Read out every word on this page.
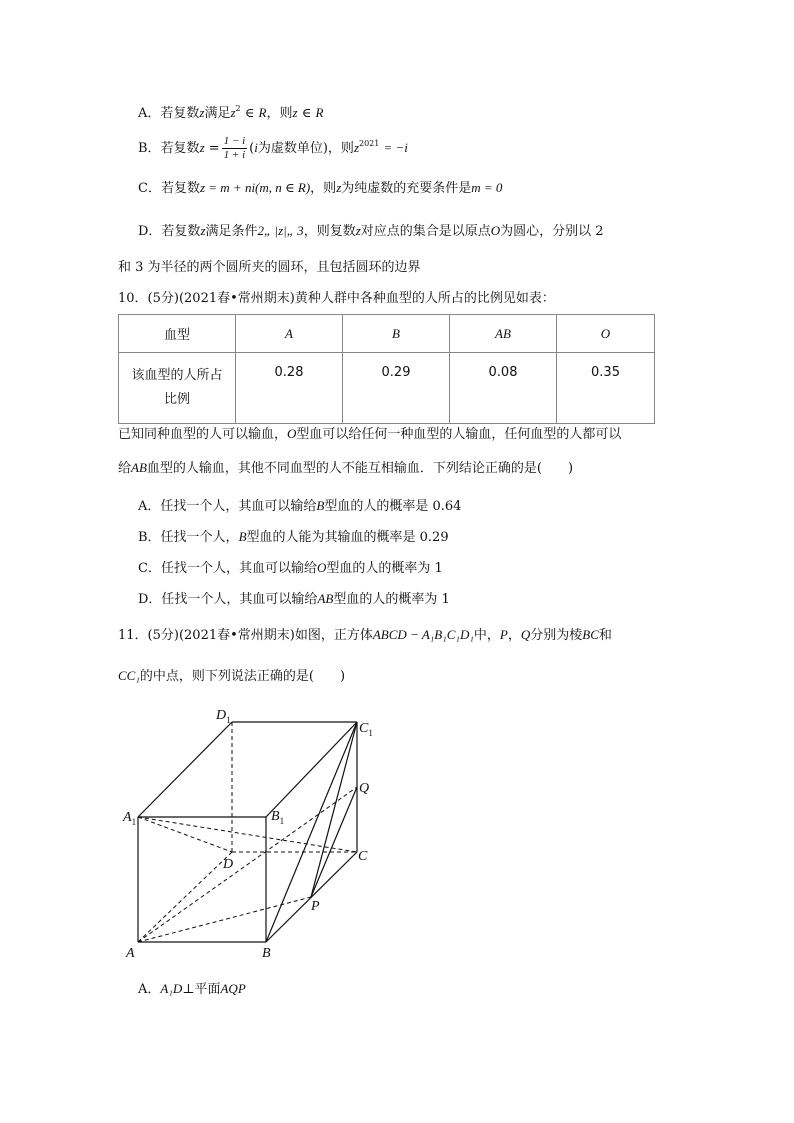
A．若复数z满足$z^2$ ∈ R，则z ∈ R
B．若复数$z = \frac{1 - i}{1 + i} (i$为虚数单位)，则$z^{2021} = -i$
C．若复数z = m + ni(m, n ∈ R)，则z为纯虚数的充要条件是m = 0
D．若复数z满足条件2„ |z|„ 3，则复数z对应点的集合是以原点O为圆心，分别以 2
和 3 为半径的两个圆所夹的圆环，且包括圆环的边界
10．(5分)(2021春•常州期末)黄种人群中各种血型的人所占的比例见如表：
血型	A	B	AB	O
该血型的人所占
比例	0.28	0.29	0.08	0.35
已知同种血型的人可以输血，O型血可以给任何一种血型的人输血，任何血型的人都可以
给AB血型的人输血，其他不同血型的人不能互相输血．下列结论正确的是(　　)
A．任找一个人，其血可以输给B型血的人的概率是 0.64
B．任找一个人，B型血的人能为其输血的概率是 0.29
C．任找一个人，其血可以输给O型血的人的概率为 1
D．任找一个人，其血可以输给AB型血的人的概率为 1
11．(5分)(2021春•常州期末)如图，正方体ABCD − A₁B₁C₁D₁中，P，Q分别为棱BC和
CC₁的中点，则下列说法正确的是(　　)
$D_1$
$C_1$
$A_1$	$B_1$
Q
C
D
P
A	B
A．A₁D⊥平面AQP
